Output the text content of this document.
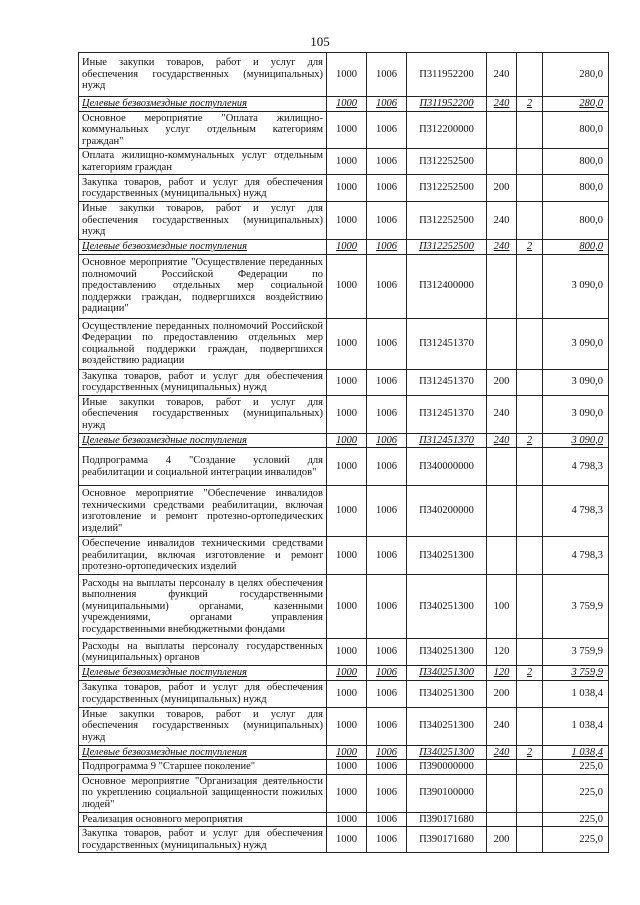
105
Иные закупки товаров, работ и услуг для обеспечения государственных (муниципальных) нужд	1000	1006	П311952200	240		280,0
Целевые безвозмездные поступления	1000	1006	П311952200	240	2	280,0
Основное мероприятие "Оплата жилищно-коммунальных услуг отдельным категориям граждан"	1000	1006	П312200000			800,0
Оплата жилищно-коммунальных услуг отдельным категориям граждан	1000	1006	П312252500			800,0
Закупка товаров, работ и услуг для обеспечения государственных (муниципальных) нужд	1000	1006	П312252500	200		800,0
Иные закупки товаров, работ и услуг для обеспечения государственных (муниципальных) нужд	1000	1006	П312252500	240		800,0
Целевые безвозмездные поступления	1000	1006	П312252500	240	2	800,0
Основное мероприятие "Осуществление переданных полномочий Российской Федерации по предоставлению отдельных мер социальной поддержки граждан, подвергшихся воздействию радиации"	1000	1006	П312400000			3 090,0
Осуществление переданных полномочий Российской Федерации по предоставлению отдельных мер социальной поддержки граждан, подвергшихся воздействию радиации	1000	1006	П312451370			3 090,0
Закупка товаров, работ и услуг для обеспечения государственных (муниципальных) нужд	1000	1006	П312451370	200		3 090,0
Иные закупки товаров, работ и услуг для обеспечения государственных (муниципальных) нужд	1000	1006	П312451370	240		3 090,0
Целевые безвозмездные поступления	1000	1006	П312451370	240	2	3 090,0
Подпрограмма 4 "Создание условий для реабилитации и социальной интеграции инвалидов"	1000	1006	П340000000			4 798,3
Основное мероприятие "Обеспечение инвалидов техническими средствами реабилитации, включая изготовление и ремонт протезно-ортопедических изделий"	1000	1006	П340200000			4 798,3
Обеспечение инвалидов техническими средствами реабилитации, включая изготовление и ремонт протезно-ортопедических изделий	1000	1006	П340251300			4 798,3
Расходы на выплаты персоналу в целях обеспечения выполнения функций государственными (муниципальными) органами, казенными учреждениями, органами управления государственными внебюджетными фондами	1000	1006	П340251300	100		3 759,9
Расходы на выплаты персоналу государственных (муниципальных) органов	1000	1006	П340251300	120		3 759,9
Целевые безвозмездные поступления	1000	1006	П340251300	120	2	3 759,9
Закупка товаров, работ и услуг для обеспечения государственных (муниципальных) нужд	1000	1006	П340251300	200		1 038,4
Иные закупки товаров, работ и услуг для обеспечения государственных (муниципальных) нужд	1000	1006	П340251300	240		1 038,4
Целевые безвозмездные поступления	1000	1006	П340251300	240	2	1 038,4
Подпрограмма 9 "Старшее поколение"	1000	1006	П390000000			225,0
Основное мероприятие "Организация деятельности по укреплению социальной защищенности пожилых людей"	1000	1006	П390100000			225,0
Реализация основного мероприятия	1000	1006	П390171680			225,0
Закупка товаров, работ и услуг для обеспечения государственных (муниципальных) нужд	1000	1006	П390171680	200		225,0
